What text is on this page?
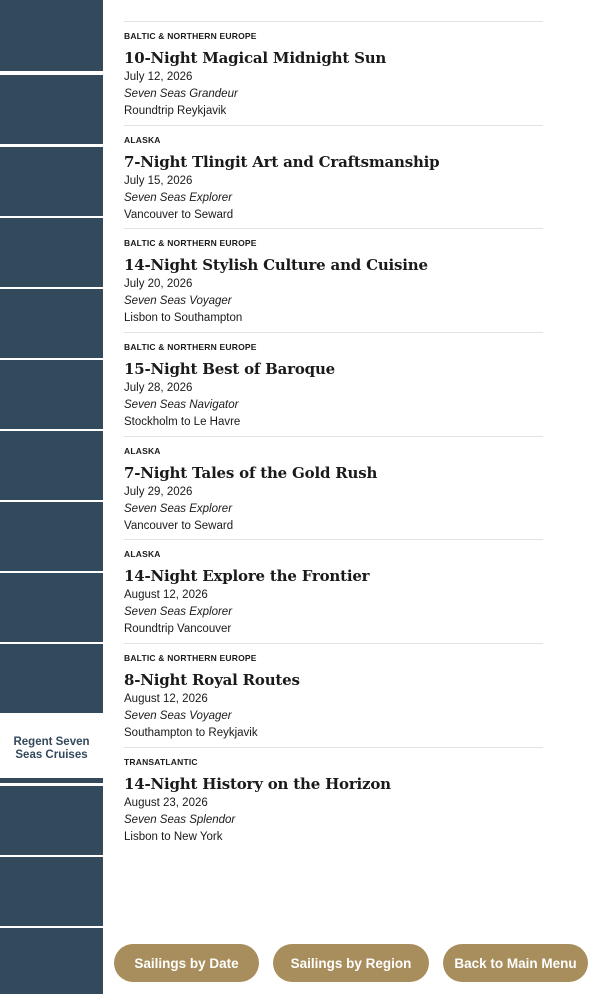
Regent Seven Seas Cruises
BALTIC & NORTHERN EUROPE
10-Night Magical Midnight Sun
July 12, 2026
Seven Seas Grandeur
Roundtrip Reykjavik
ALASKA
7-Night Tlingit Art and Craftsmanship
July 15, 2026
Seven Seas Explorer
Vancouver to Seward
BALTIC & NORTHERN EUROPE
14-Night Stylish Culture and Cuisine
July 20, 2026
Seven Seas Voyager
Lisbon to Southampton
BALTIC & NORTHERN EUROPE
15-Night Best of Baroque
July 28, 2026
Seven Seas Navigator
Stockholm to Le Havre
ALASKA
7-Night Tales of the Gold Rush
July 29, 2026
Seven Seas Explorer
Vancouver to Seward
ALASKA
14-Night Explore the Frontier
August 12, 2026
Seven Seas Explorer
Roundtrip Vancouver
BALTIC & NORTHERN EUROPE
8-Night Royal Routes
August 12, 2026
Seven Seas Voyager
Southampton to Reykjavik
TRANSATLANTIC
14-Night History on the Horizon
August 23, 2026
Seven Seas Splendor
Lisbon to New York
Sailings by Date	Sailings by Region	Back to Main Menu
